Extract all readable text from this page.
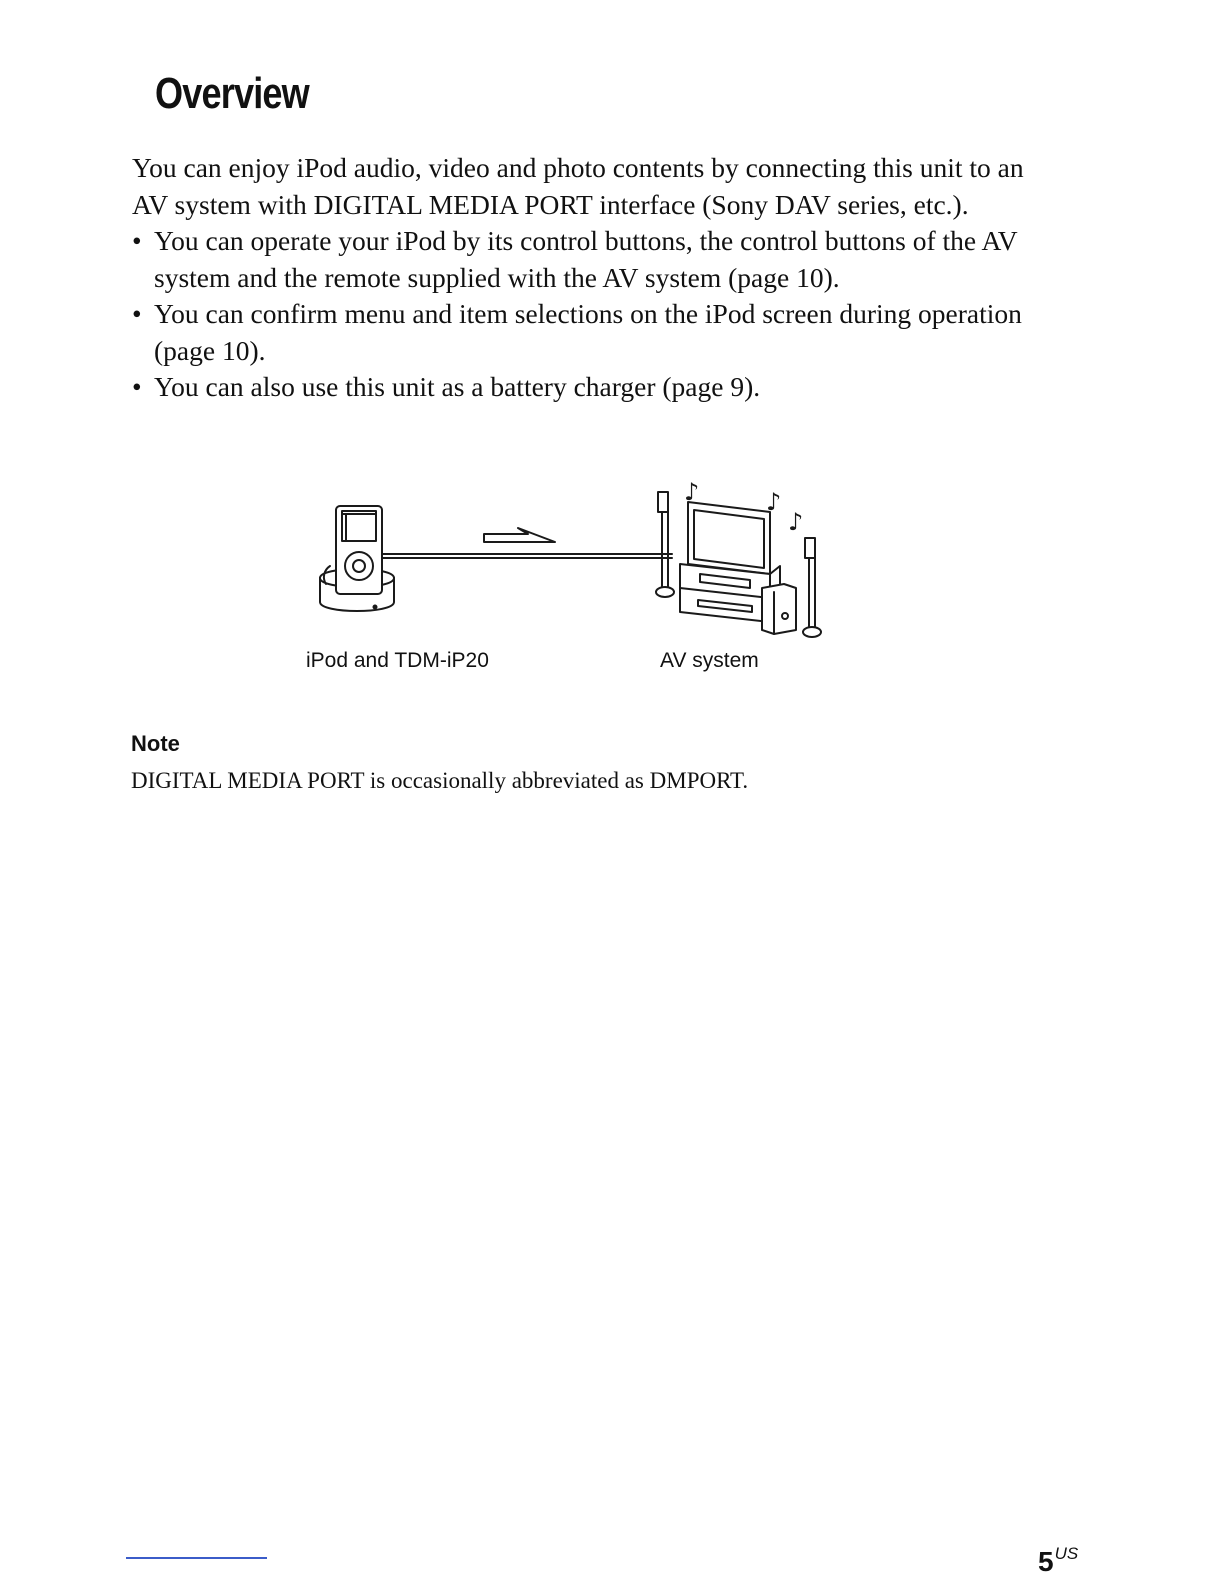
Overview

You can enjoy iPod audio, video and photo contents by connecting this unit to an AV system with DIGITAL MEDIA PORT interface (Sony DAV series, etc.).

• You can operate your iPod by its control buttons, the control buttons of the AV system and the remote supplied with the AV system (page 10).
• You can confirm menu and item selections on the iPod screen during operation (page 10).
• You can also use this unit as a battery charger (page 9).
♪	♪
♪
iPod and TDM-iP20	AV system
Note

DIGITAL MEDIA PORT is occasionally abbreviated as DMPORT.

$5^{US}$
